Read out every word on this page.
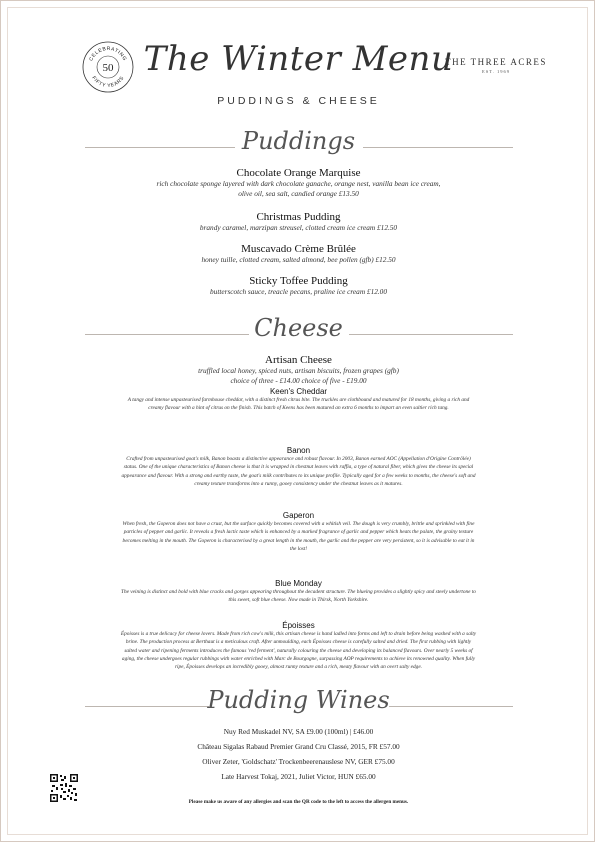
CELEBRATING
FIFTY YEARS
50 The Winter Menu
PUDDINGS & CHEESE
THE THREE ACRES
EST. 1969
Puddings
Chocolate Orange Marquise
rich chocolate sponge layered with dark chocolate ganache, orange nest, vanilla bean ice cream,
olive oil, sea salt, candied orange £13.50
Christmas Pudding
brandy caramel, marzipan streusel, clotted cream ice cream £12.50
Muscavado Crème Brûlée
honey tuille, clotted cream, salted almond, bee pollen (gfb) £12.50
Sticky Toffee Pudding
butterscotch sauce, treacle pecans, praline ice cream £12.00
Cheese
Artisan Cheese
truffled local honey, spiced nuts, artisan biscuits, frozen grapes (gfb)
choice of three - £14.00 choice of five - £19.00
Keen's Cheddar
A tangy and intense unpasteurised farmhouse cheddar, with a distinct fresh citrus bite. The truckles are clothbound and matured for 18 months, giving a rich and
creamy flavour with a hint of citrus on the finish. This batch of Keens has been matured an extra 6 months to impart an even saltier rich tang.
Banon
Crafted from unpasteurised goat's milk, Banon boasts a distinctive appearance and robust flavour. In 2003, Banon earned AOC (Appellation d'Origine Contrôlée)
status. One of the unique characteristics of Banon cheese is that it is wrapped in chestnut leaves with raffia, a type of natural fiber, which gives the cheese its special
appearance and flavour. With a strong and earthy taste, the goat's milk contributes to its unique profile. Typically aged for a few weeks to months, the cheese's soft and
creamy texture transforms into a runny, gooey consistency under the chestnut leaves as it matures.
Gaperon
When fresh, the Goperon does not have a crust, but the surface quickly becomes covered with a whitish veil. The dough is very crumbly, brittle and sprinkled with fine
particles of pepper and garlic. It reveals a fresh lactic taste which is enhanced by a marked fragrance of garlic and pepper which heats the palate, the grainy texture
becomes melting in the mouth. The Goperon is characterised by a great length in the mouth, the garlic and the pepper are very persistent, so it is advisable to eat it in
the lost!
Blue Monday
The veining is distinct and bold with blue cracks and gorges appearing throughout the decadent structure. The blueing provides a slightly spicy and steely undertone to
this sweet, soft blue cheese. Now made in Thirsk, North Yorkshire.
Époisses
Époisses is a true delicacy for cheese lovers. Made from rich cow's milk, this artisan cheese is hand ladled into forms and left to drain before being washed with a salty
brine. The production process at Berthaut is a meticulous craft. After unmoulding, each Époisses cheese is carefully salted and dried. The first rubbing with lightly
salted water and ripening ferments introduces the famous 'red ferment', naturally colouring the cheese and developing its balanced flavours. Over nearly 5 weeks of
aging, the cheese undergoes regular rubbings with water enriched with Marc de Bourgogne, surpassing AOP requirements to achieve its renowned quality. When fully
ripe, Époisses develops an incredibly gooey, almost runny texture and a rich, meaty flavour with an overt salty edge.
Pudding Wines
Nuy Red Muskadel NV, SA £9.00 (100ml) | £46.00
Château Sigalas Rabaud Premier Grand Cru Classé, 2015, FR £57.00
Oliver Zeter, 'Goldschatz' Trockenbeerenauslese NV, GER £75.00
Late Harvest Tokaj, 2021, Juliet Victor, HUN £65.00
Please make us aware of any allergies and scan the QR code to the left to access the allergen menus.
